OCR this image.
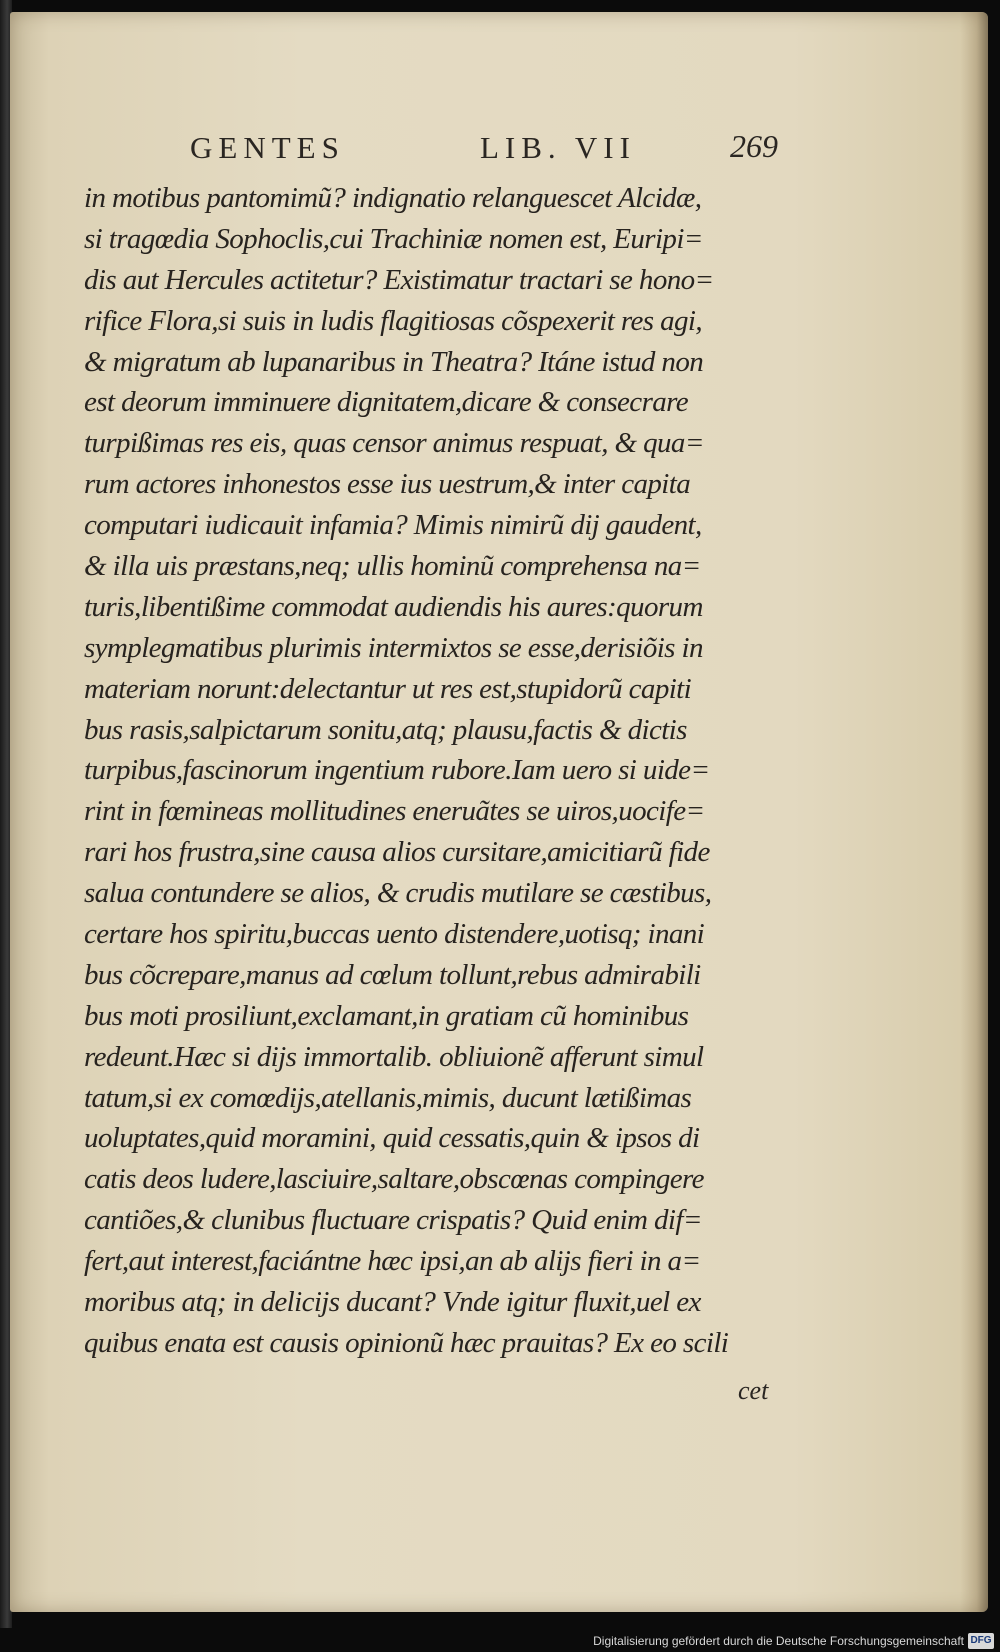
GENTES	LIB. VII	269
in motibus pantomimũ? indignatio relanguescet Alcidæ,
si tragœdia Sophoclis,cui Trachiniæ nomen est, Euripi=
dis aut Hercules actitetur? Existimatur tractari se hono=
rifice Flora,si suis in ludis flagitiosas cõspexerit res agi,
& migratum ab lupanaribus in Theatra? Itáne istud non
est deorum imminuere dignitatem,dicare & consecrare
turpißimas res eis, quas censor animus respuat, & qua=
rum actores inhonestos esse ius uestrum,& inter capita
computari iudicauit infamia? Mimis nimirũ dij gaudent,
& illa uis præstans,neq; ullis hominũ comprehensa na=
turis,libentißime commodat audiendis his aures:quorum
symplegmatibus plurimis intermixtos se esse,derisiõis in
materiam norunt:delectantur ut res est,stupidorũ capiti
bus rasis,salpictarum sonitu,atq; plausu,factis & dictis
turpibus,fascinorum ingentium rubore.Iam uero si uide=
rint in fœmineas mollitudines eneruãtes se uiros,uocife=
rari hos frustra,sine causa alios cursitare,amicitiarũ fide
salua contundere se alios, & crudis mutilare se cæstibus,
certare hos spiritu,buccas uento distendere,uotisq; inani
bus cõcrepare,manus ad cœlum tollunt,rebus admirabili
bus moti prosiliunt,exclamant,in gratiam cũ hominibus
redeunt.Hæc si dijs immortalib. obliuionẽ afferunt simul
tatum,si ex comœdijs,atellanis,mimis, ducunt lætißimas
uoluptates,quid moramini, quid cessatis,quin & ipsos di
catis deos ludere,lasciuire,saltare,obscœnas compingere
cantiões,& clunibus fluctuare crispatis? Quid enim dif=
fert,aut interest,faciántne hæc ipsi,an ab alijs fieri in a=
moribus atq; in delicijs ducant? Vnde igitur fluxit,uel ex
quibus enata est causis opinionũ hæc prauitas? Ex eo scili
cet
Digitalisierung gefördert durch die Deutsche Forschungsgemeinschaft DFG
